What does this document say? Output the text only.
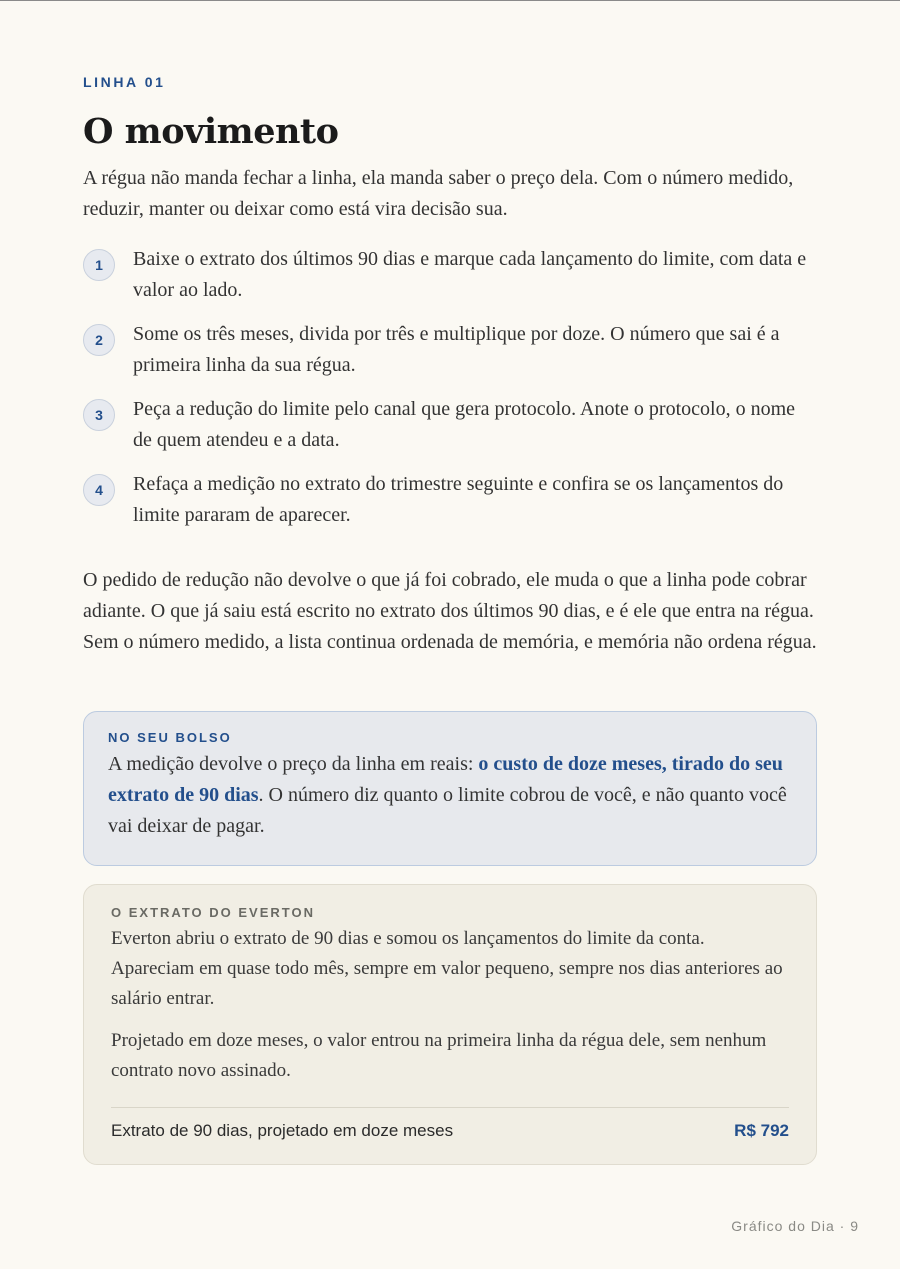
LINHA 01
O movimento

A régua não manda fechar a linha, ela manda saber o preço dela. Com o número medido, reduzir, manter ou deixar como está vira decisão sua.

1	Baixe o extrato dos últimos 90 dias e marque cada lançamento do limite, com data e valor ao lado.

2	Some os três meses, divida por três e multiplique por doze. O número que sai é a primeira linha da sua régua.

3	Peça a redução do limite pelo canal que gera protocolo. Anote o protocolo, o nome de quem atendeu e a data.

4	Refaça a medição no extrato do trimestre seguinte e confira se os lançamentos do limite pararam de aparecer.

O pedido de redução não devolve o que já foi cobrado, ele muda o que a linha pode cobrar adiante. O que já saiu está escrito no extrato dos últimos 90 dias, e é ele que entra na régua. Sem o número medido, a lista continua ordenada de memória, e memória não ordena régua.

NO SEU BOLSO

A medição devolve o preço da linha em reais: o custo de doze meses, tirado do seu extrato de 90 dias. O número diz quanto o limite cobrou de você, e não quanto você vai deixar de pagar.

O EXTRATO DO EVERTON

Everton abriu o extrato de 90 dias e somou os lançamentos do limite da conta. Apareciam em quase todo mês, sempre em valor pequeno, sempre nos dias anteriores ao salário entrar.

Projetado em doze meses, o valor entrou na primeira linha da régua dele, sem nenhum contrato novo assinado.

Extrato de 90 dias, projetado em doze meses	R$ 792
Gráfico do Dia · 9
